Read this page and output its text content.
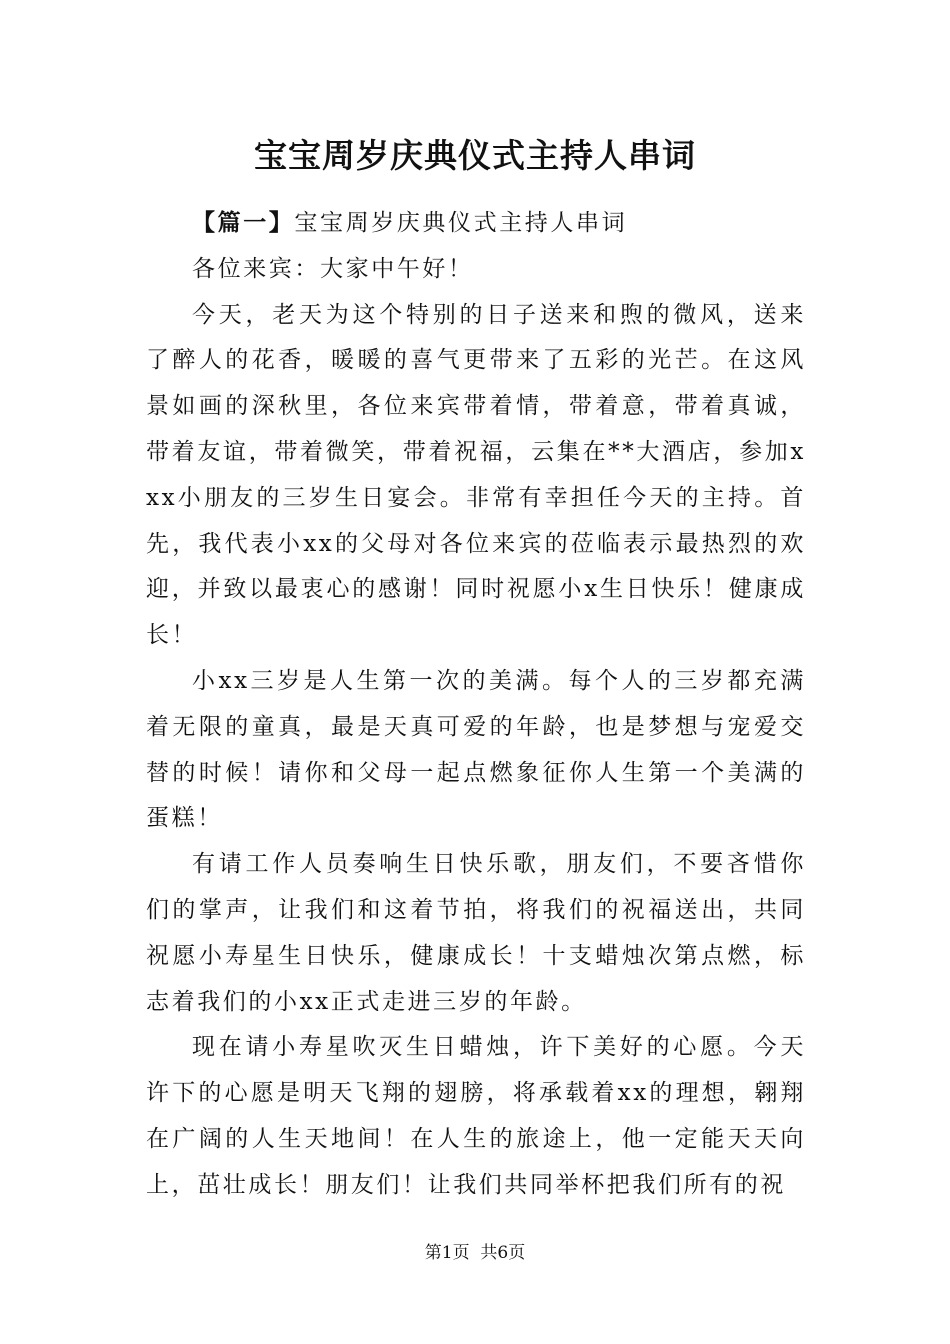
宝宝周岁庆典仪式主持人串词

【篇一】宝宝周岁庆典仪式主持人串词

各位来宾：大家中午好！

今天，老天为这个特别的日子送来和煦的微风，送来了醉人的花香，暖暖的喜气更带来了五彩的光芒。在这风景如画的深秋里，各位来宾带着情，带着意，带着真诚，带着友谊，带着微笑，带着祝福，云集在**大酒店，参加xxx小朋友的三岁生日宴会。非常有幸担任今天的主持。首先，我代表小xx的父母对各位来宾的莅临表示最热烈的欢迎，并致以最衷心的感谢！同时祝愿小x生日快乐！健康成长！

小xx三岁是人生第一次的美满。每个人的三岁都充满着无限的童真，最是天真可爱的年龄，也是梦想与宠爱交替的时候！请你和父母一起点燃象征你人生第一个美满的蛋糕！

有请工作人员奏响生日快乐歌，朋友们，不要吝惜你们的掌声，让我们和这着节拍，将我们的祝福送出，共同祝愿小寿星生日快乐，健康成长！十支蜡烛次第点燃，标志着我们的小xx正式走进三岁的年龄。

现在请小寿星吹灭生日蜡烛，许下美好的心愿。今天许下的心愿是明天飞翔的翅膀，将承载着xx的理想，翱翔在广阔的人生天地间！在人生的旅途上，他一定能天天向上，茁壮成长！朋友们！让我们共同举杯把我们所有的祝

第1页 共6页
